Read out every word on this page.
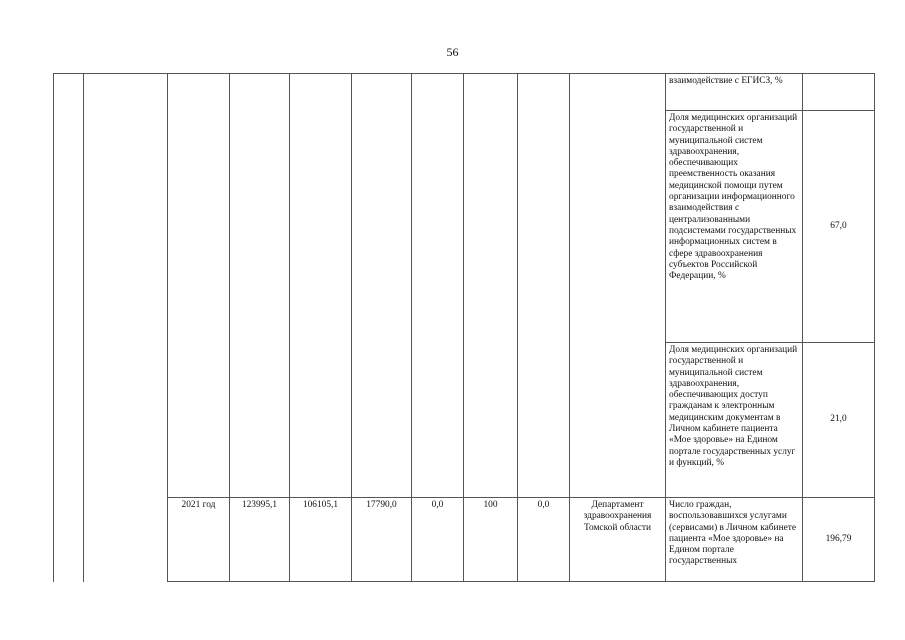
56
										взаимодействие с ЕГИСЗ, %	
										Доля медицинских организаций государственной и муниципальной систем здравоохранения, обеспечивающих преемственность оказания медицинской помощи путем организации информационного взаимодействия с централизованными подсистемами государственных информационных систем в сфере здравоохранения субъектов Российской Федерации, %	67,0
										Доля медицинских организаций государственной и муниципальной систем здравоохранения, обеспечивающих доступ гражданам к электронным медицинским документам в Личном кабинете пациента «Мое здоровье» на Едином портале государственных услуг и функций, %	21,0
		2021 год	123995,1	106105,1	17790,0	0,0	100	0,0	Департамент здравоохранения Томской области	Число граждан, воспользовавшихся услугами (сервисами) в Личном кабинете пациента «Мое здоровье» на Едином портале государственных	196,79
